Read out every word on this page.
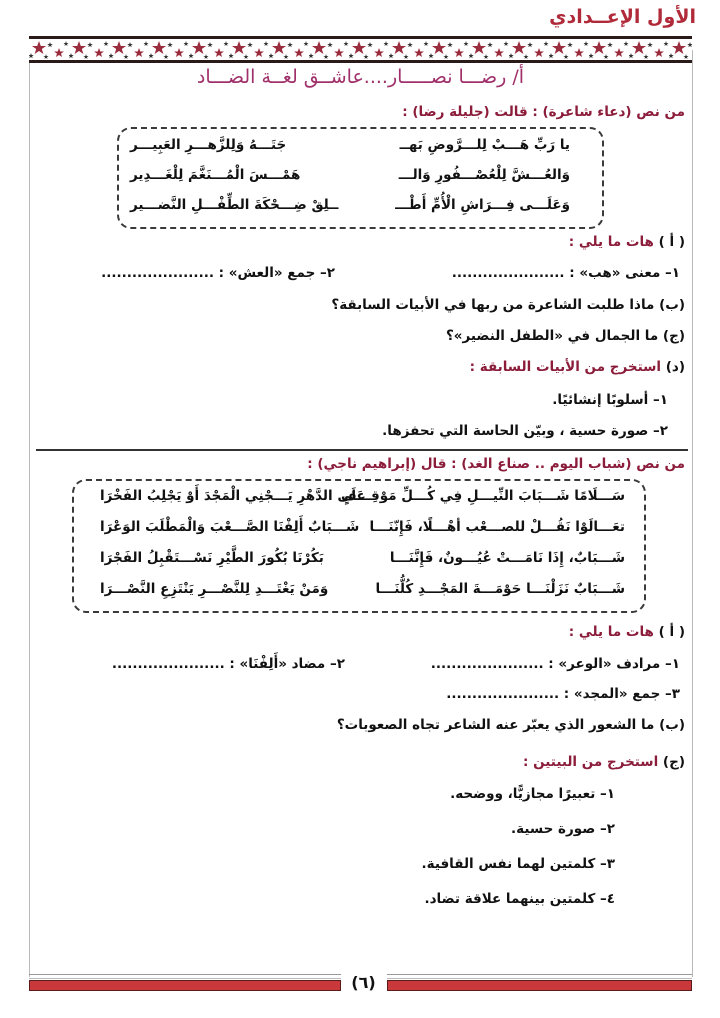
الأول الإعــدادي
أ/ رضـــا نصـــــار....عاشــق لغــة الضـــاد
من نص (دعاء شاعرة) : قالت (جليلة رضا) :
يا رَبِّ هَـــبْ لِلـــرَّوضِ بَهــ
جَتَـــهُ وَلِلزَّهـــرِ العَبِيـــر
وَالعُـــشَّ لِلْعُصْـــفُورِ وَالـــ
هَمْـــسَ الْمُـــنَغَّمَ لِلْغَـــدِير
وَعَلَـــى فِـــرَاشِ الْأُمِّ أَطْـــ
ــلِقْ ضِـــحْكَةَ الطِّفْـــلِ النَّضـــير
( أ ) هات ما يلي :
١– معنى «هب» : ......................
٢– جمع «العش» : ......................
(ب) ماذا طلبت الشاعرة من ربها في الأبيات السابقة؟
(ج) ما الجمال في «الطفل النضير»؟
(د) استخرج من الأبيات السابقة :
١– أسلوبًا إنشائيًا.
٢– صورة حسية ، وبيّن الحاسة التي تحفزها.
من نص (شباب اليوم .. صناع الغد) : قال (إبراهيم ناجي) :
سَـــلَامًا شَـــبَابَ النِّيـــلِ فِي كُـــلِّ مَوْقِـــفٍ
عَلَى الدَّهْرِ يَـــجْنِي الْمَجْدَ أَوْ يَجْلِبُ الفَخْرَا
تعَـــالَوْا نَقُـــلْ للصـــعْب أهْـــلًا، فَإِنّنَـــا
شَـــبَابٌ أَلِفْنَا الصَّـــعْبَ وَالْمَطْلَبَ الوَعْرَا
شَـــبَابٌ، إِذَا نَامَـــتْ عُيُـــونٌ، فَإِنَّنَـــا
بَكُرْنَا بُكُورَ الطَّيْرِ نَسْـــتَقْبِلُ الفَجْرَا
شَـــبَابٌ نَزَلْنَـــا حَوْمَـــةَ المَجْـــدِ كُلُّنَـــا
وَمَنْ يَغْتَـــدِ لِلنَّصْـــرِ يَنْتَزِعِ النَّصْـــرَا
( أ ) هات ما يلي :
١– مرادف «الوعر» : ......................
٢– مضاد «أَلِفْنَا» : ......................
٣– جمع «المجد» : ......................
(ب) ما الشعور الذي يعبّر عنه الشاعر تجاه الصعوبات؟
(ج) استخرج من البيتين :
١– تعبيرًا مجازيًّا، ووضحه.
٢– صورة حسية.
٣– كلمتين لهما نفس القافية.
٤– كلمتين بينهما علاقة تضاد.
(٦)
